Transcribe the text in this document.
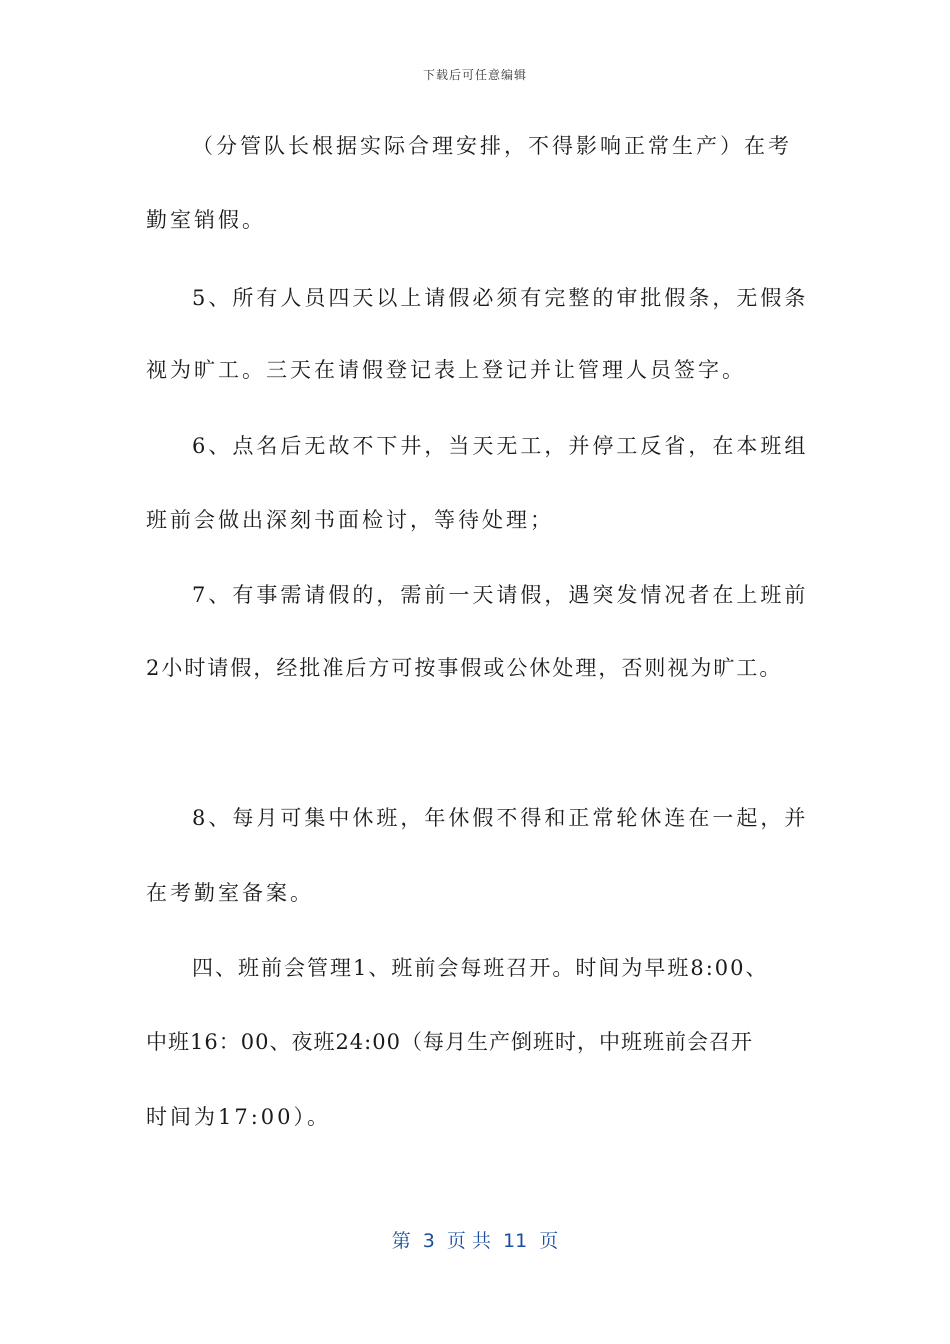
下载后可任意编辑
（分管队长根据实际合理安排，不得影响正常生产）在考
勤室销假。
5、所有人员四天以上请假必须有完整的审批假条，无假条
视为旷工。三天在请假登记表上登记并让管理人员签字。
6、点名后无故不下井，当天无工，并停工反省，在本班组
班前会做出深刻书面检讨，等待处理；
7、有事需请假的，需前一天请假，遇突发情况者在上班前
2小时请假，经批准后方可按事假或公休处理，否则视为旷工。
8、每月可集中休班，年休假不得和正常轮休连在一起，并
在考勤室备案。
四、班前会管理1、班前会每班召开。时间为早班8:00、
中班16：00、夜班24:00（每月生产倒班时，中班班前会召开
时间为17:00）。
第  3  页 共  11  页
